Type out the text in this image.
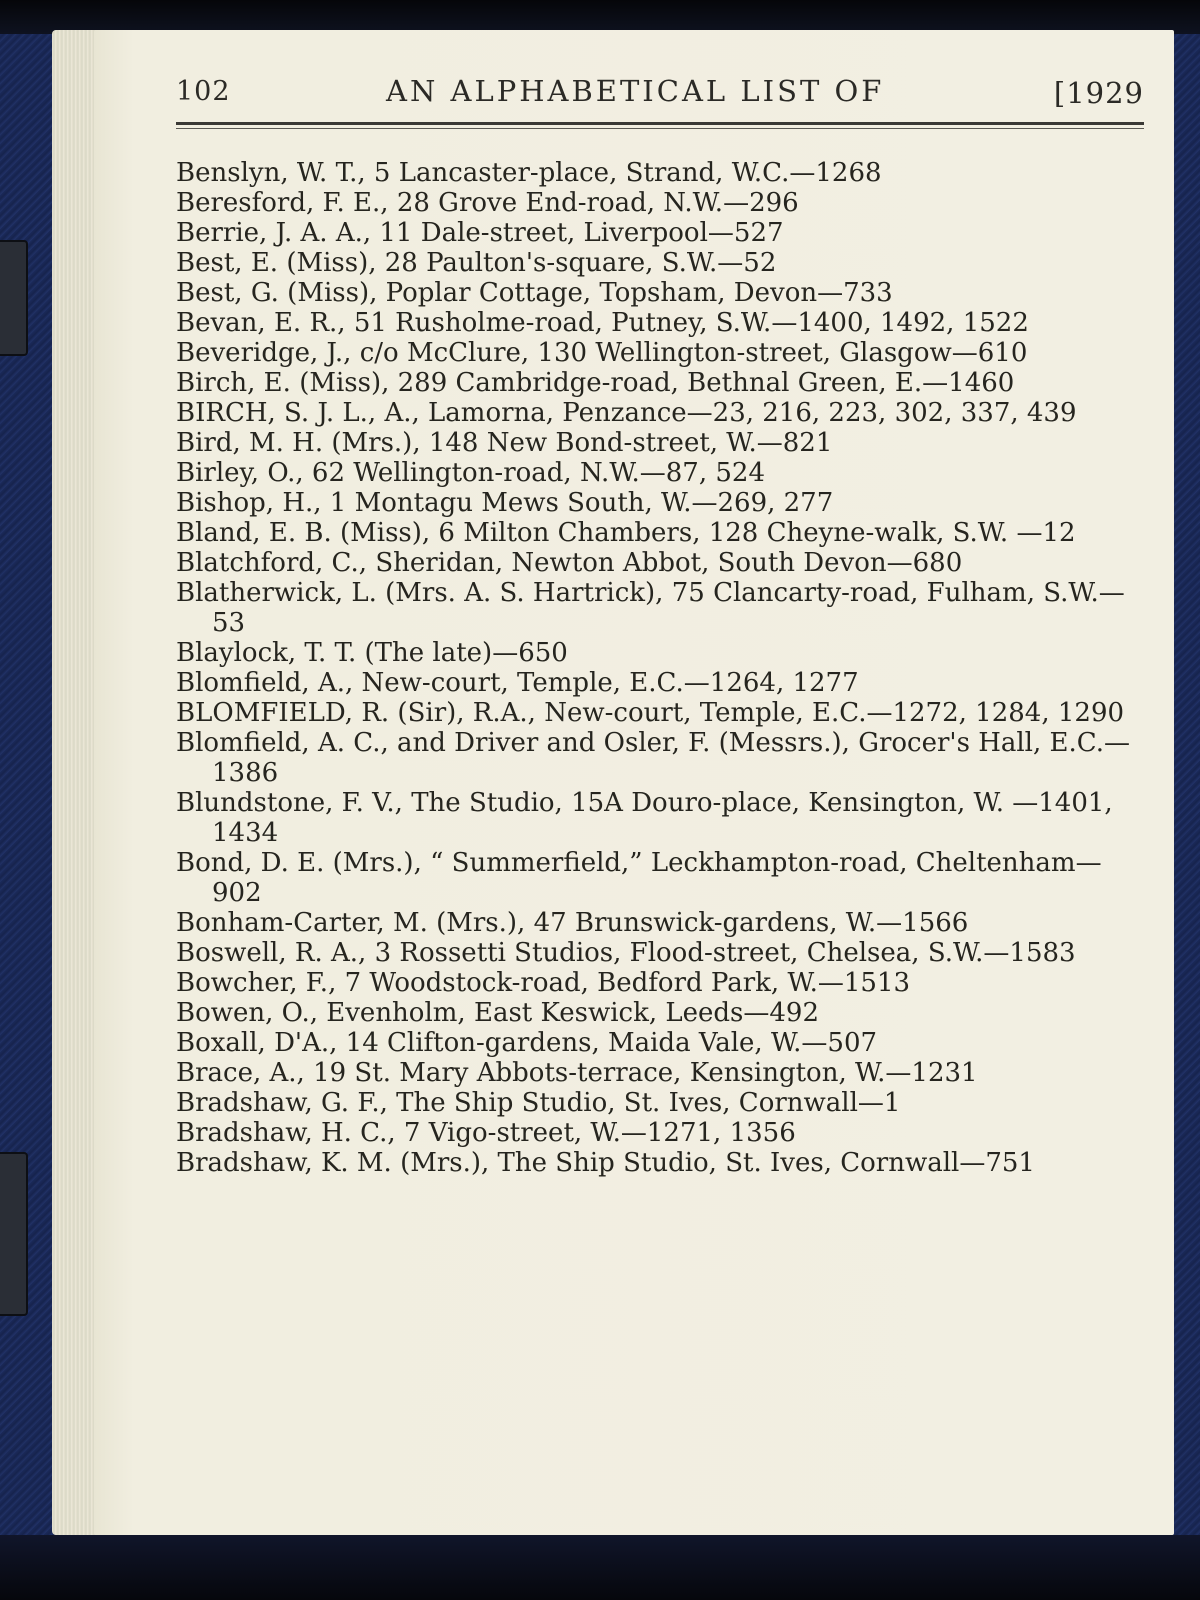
102	AN ALPHABETICAL LIST OF	[1929
Benslyn, W. T., 5 Lancaster-place, Strand, W.C.—1268
Beresford, F. E., 28 Grove End-road, N.W.—296
Berrie, J. A. A., 11 Dale-street, Liverpool—527
Best, E. (Miss), 28 Paulton's-square, S.W.—52
Best, G. (Miss), Poplar Cottage, Topsham, Devon—733
Bevan, E. R., 51 Rusholme-road, Putney, S.W.—1400, 1492, 1522
Beveridge, J., c/o McClure, 130 Wellington-street, Glasgow—610
Birch, E. (Miss), 289 Cambridge-road, Bethnal Green, E.—1460
BIRCH, S. J. L., A., Lamorna, Penzance—23, 216, 223, 302, 337, 439
Bird, M. H. (Mrs.), 148 New Bond-street, W.—821
Birley, O., 62 Wellington-road, N.W.—87, 524
Bishop, H., 1 Montagu Mews South, W.—269, 277
Bland, E. B. (Miss), 6 Milton Chambers, 128 Cheyne-walk, S.W. —12
Blatchford, C., Sheridan, Newton Abbot, South Devon—680
Blatherwick, L. (Mrs. A. S. Hartrick), 75 Clancarty-road, Fulham, S.W.—53
Blaylock, T. T. (The late)—650
Blomfield, A., New-court, Temple, E.C.—1264, 1277
BLOMFIELD, R. (Sir), R.A., New-court, Temple, E.C.—1272, 1284, 1290
Blomfield, A. C., and Driver and Osler, F. (Messrs.), Grocer's Hall, E.C.—1386
Blundstone, F. V., The Studio, 15A Douro-place, Kensington, W. —1401, 1434
Bond, D. E. (Mrs.), “ Summerfield,” Leckhampton-road, Cheltenham—902
Bonham-Carter, M. (Mrs.), 47 Brunswick-gardens, W.—1566
Boswell, R. A., 3 Rossetti Studios, Flood-street, Chelsea, S.W.—1583
Bowcher, F., 7 Woodstock-road, Bedford Park, W.—1513
Bowen, O., Evenholm, East Keswick, Leeds—492
Boxall, D'A., 14 Clifton-gardens, Maida Vale, W.—507
Brace, A., 19 St. Mary Abbots-terrace, Kensington, W.—1231
Bradshaw, G. F., The Ship Studio, St. Ives, Cornwall—1
Bradshaw, H. C., 7 Vigo-street, W.—1271, 1356
Bradshaw, K. M. (Mrs.), The Ship Studio, St. Ives, Cornwall—751
